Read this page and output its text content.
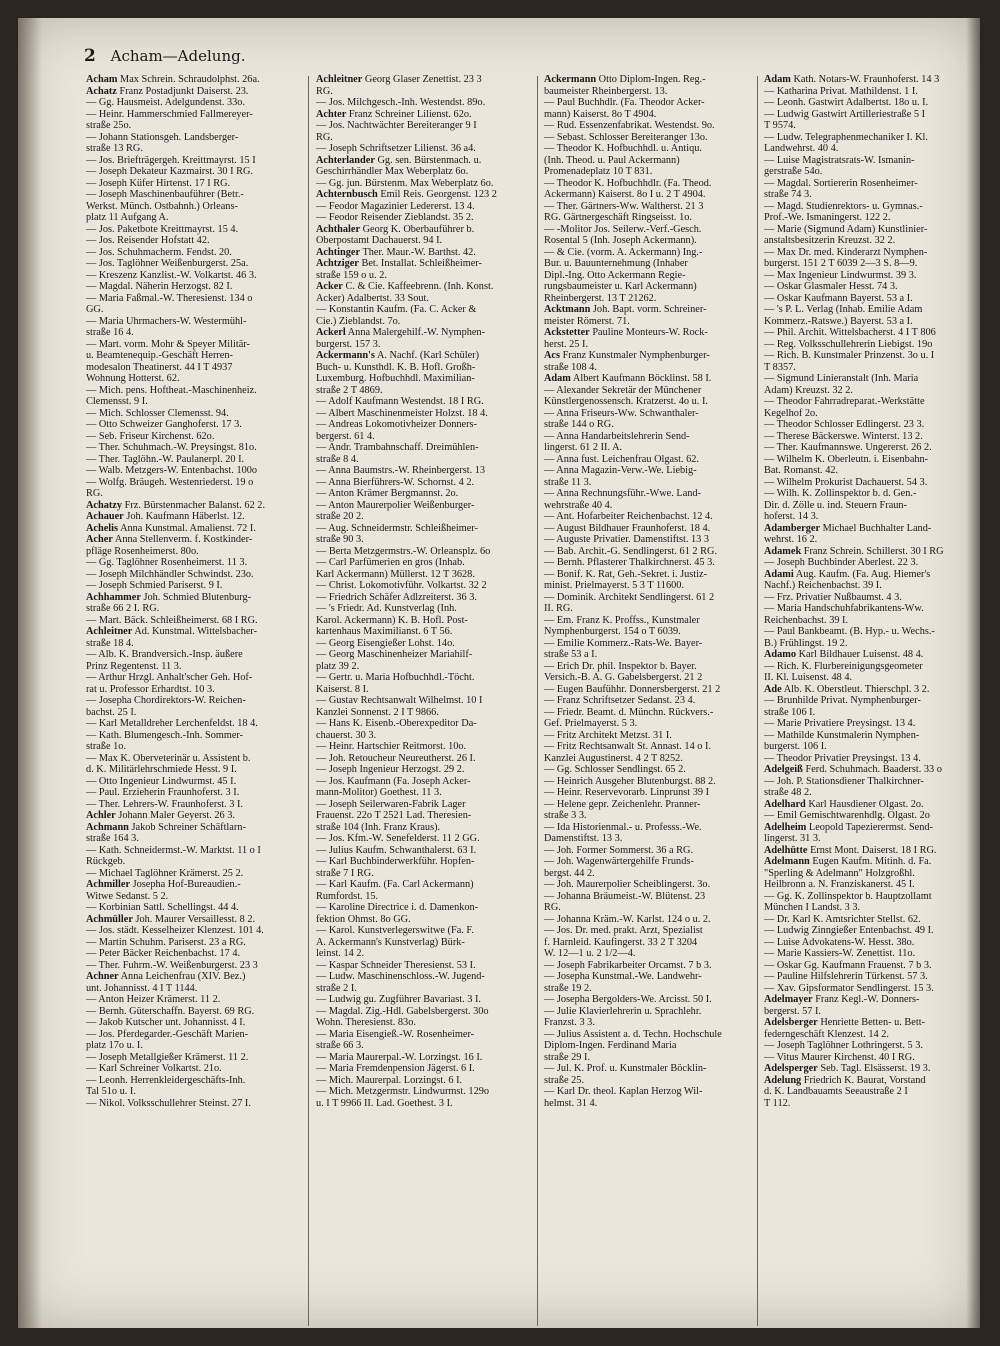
2 Acham—Adelung.

Acham Max Schrein. Schraudolphst. 26a.

Achatz Franz Postadjunkt Daiserst. 23.

— Gg. Hausmeist. Adelgundenst. 33o.

— Heinr. Hammerschmied Fallmereyer-

straße 25o.

— Johann Stationsgeh. Landsberger-

straße 13 RG.

— Jos. Briefträgergeh. Kreittmayrst. 15 I

— Joseph Dekateur Kazmairst. 30 I RG.

— Joseph Küfer Hirtenst. 17 I RG.

— Joseph Maschinenbauführer (Betr.-

Werkst. Münch. Ostbahnh.) Orleans-

platz 11 Aufgang A.

— Jos. Paketbote Kreittmayrst. 15 4.

— Jos. Reisender Hofstatt 42.

— Jos. Schuhmacherm. Fendst. 20.

— Jos. Taglöhner Weißenburgerst. 25a.

— Kreszenz Kanzlist.-W. Volkartst. 46 3.

— Magdal. Näherin Herzogst. 82 I.

— Maria Faßmal.-W. Theresienst. 134 o

GG.

— Maria Uhrmachers-W. Westermühl-

straße 16 4.

— Mart. vorm. Mohr & Speyer Militär-

u. Beamtenequip.-Geschäft Herren-

modesalon Theatinerst. 44 I T 4937

Wohnung Hotterst. 62.

— Mich. pens. Hoftheat.-Maschinenheiz.

Clemensst. 9 I.

— Mich. Schlosser Clemensst. 94.

— Otto Schweizer Ganghoferst. 17 3.

— Seb. Friseur Kirchenst. 62o.

— Ther. Schuhmach.-W. Preysingst. 81o.

— Ther. Taglöhn.-W. Paulanerpl. 20 I.

— Walb. Metzgers-W. Entenbachst. 100o

— Wolfg. Bräugeh. Westenriederst. 19 o

RG.

Achatzy Frz. Bürstenmacher Balanst. 62 2.

Achauer Joh. Kaufmann Häberlst. 12.

Achelis Anna Kunstmal. Amalienst. 72 I.

Acher Anna Stellenverm. f. Kostkinder-

pfläge Rosenheimerst. 80o.

— Gg. Taglöhner Rosenheimerst. 11 3.

— Joseph Milchhändler Schwindst. 23o.

— Joseph Schmied Pariserst. 9 I.

Achhammer Joh. Schmied Blutenburg-

straße 66 2 I. RG.

— Mart. Bäck. Schleißheimerst. 68 I RG.

Achleitner Ad. Kunstmal. Wittelsbacher-

straße 18 4.

— Alb. K. Brandversich.-Insp. äußere

Prinz Regentenst. 11 3.

— Arthur Hrzgl. Anhalt'scher Geh. Hof-

rat u. Professor Erhardtst. 10 3.

— Josepha Chordirektors-W. Reichen-

bachst. 25 I.

— Karl Metalldreher Lerchenfeldst. 18 4.

— Kath. Blumengesch.-Inh. Sommer-

straße 1o.

— Max K. Oberveterinär u. Assistent b.

d. K. Militärlehrschmiede Hesst. 9 I.

— Otto Ingenieur Lindwurmst. 45 I.

— Paul. Erzieherin Fraunhoferst. 3 I.

— Ther. Lehrers-W. Fraunhoferst. 3 I.

Achler Johann Maler Geyerst. 26 3.

Achmann Jakob Schreiner Schäftlarn-

straße 164 3.

— Kath. Schneidermst.-W. Marktst. 11 o I

Rückgeb.

— Michael Taglöhner Krämerst. 25 2.

Achmiller Josepha Hof-Bureaudien.-

Witwe Sedanst. 5 2.

— Korbinian Sattl. Schellingst. 44 4.

Achmüller Joh. Maurer Versaillesst. 8 2.

— Jos. städt. Kesselheizer Klenzest. 101 4.

— Martin Schuhm. Pariserst. 23 a RG.

— Peter Bäcker Reichenbachst. 17 4.

— Ther. Fuhrm.-W. Weißenburgerst. 23 3

Achner Anna Leichenfrau (XIV. Bez.)

unt. Johannisst. 4 I T 1144.

— Anton Heizer Krämerst. 11 2.

— Bernh. Güterschaffn. Bayerst. 69 RG.

— Jakob Kutscher unt. Johannisst. 4 I.

— Jos. Pferdegarder.-Geschäft Marien-

platz 17o u. I.

— Joseph Metallgießer Krämerst. 11 2.

— Karl Schreiner Volkartst. 21o.

— Leonh. Herrenkleidergeschäfts-Inh.

Tal 51o u. I.

— Nikol. Volksschullehrer Steinst. 27 I.

Achleitner Georg Glaser Zenettist. 23 3

RG.

— Jos. Milchgesch.-Inh. Westendst. 89o.

Achter Franz Schreiner Lilienst. 62o.

— Jos. Nachtwächter Bereiteranger 9 I

RG.

— Joseph Schriftsetzer Lilienst. 36 a4.

Achterlander Gg. sen. Bürstenmach. u.

Geschirrhändler Max Weberplatz 6o.

— Gg. jun. Bürstenm. Max Weberplatz 6o.

Achternbusch Emil Reis. Georgenst. 123 2

— Feodor Magazinier Ledererst. 13 4.

— Feodor Reisender Zieblandst. 35 2.

Achthaler Georg K. Oberbauführer b.

Oberpostamt Dachauerst. 94 I.

Achtinger Ther. Maur.-W. Barthst. 42.

Achtziger Bet. Installat. Schleißheimer-

straße 159 o u. 2.

Acker C. & Cie. Kaffeebrenn. (Inh. Konst.

Acker) Adalbertst. 33 Sout.

— Konstantin Kaufm. (Fa. C. Acker &

Cie.) Zieblandst. 7o.

Ackerl Anna Malergehilf.-W. Nymphen-

burgerst. 157 3.

Ackermann's A. Nachf. (Karl Schüler)

Buch- u. Kunsthdl. K. B. Hofl. Großh-

Luxemburg. Hofbuchhdl. Maximilian-

straße 2 T 4869.

— Adolf Kaufmann Westendst. 18 I RG.

— Albert Maschinenmeister Holzst. 18 4.

— Andreas Lokomotivheizer Donners-

bergerst. 61 4.

— Andr. Trambahnschaff. Dreimühlen-

straße 8 4.

— Anna Baumstrs.-W. Rheinbergerst. 13

— Anna Bierführers-W. Schornst. 4 2.

— Anton Krämer Bergmannst. 2o.

— Anton Maurerpolier Weißenburger-

straße 20 2.

— Aug. Schneidermstr. Schleißheimer-

straße 90 3.

— Berta Metzgermstrs.-W. Orleansplz. 6o

— Carl Parfümerien en gros (Inhab.

Karl Ackermann) Müllerst. 12 T 3628.

— Christ. Lokomotivführ. Volkartst. 32 2

— Friedrich Schäfer Adlzreiterst. 36 3.

— 's Friedr. Ad. Kunstverlag (Inh.

Karol. Ackermann) K. B. Hofl. Post-

kartenhaus Maximilianst. 6 T 56.

— Georg Eisengießer Lohst. 14o.

— Georg Maschinenheizer Mariahilf-

platz 39 2.

— Gertr. u. Maria Hofbuchhdl.-Töcht.

Kaiserst. 8 I.

— Gustav Rechtsanwalt Wilhelmst. 10 I

Kanzlei Sonnenst. 2 I T 9866.

— Hans K. Eisenb.-Oberexpeditor Da-

chauerst. 30 3.

— Heinr. Hartschier Reitmorst. 10o.

— Joh. Retoucheur Neureutherst. 26 I.

— Joseph Ingenieur Herzogst. 29 2.

— Jos. Kaufmann (Fa. Joseph Acker-

mann-Molitor) Goethest. 11 3.

— Joseph Seilerwaren-Fabrik Lager

Frauenst. 22o T 2521 Lad. Theresien-

straße 104 (Inh. Franz Kraus).

— Jos. Kfm.-W. Senefelderst. 11 2 GG.

— Julius Kaufm. Schwanthalerst. 63 I.

— Karl Buchbinderwerkführ. Hopfen-

straße 7 I RG.

— Karl Kaufm. (Fa. Carl Ackermann)

Rumfordst. 15.

— Karoline Directrice i. d. Damenkon-

fektion Ohmst. 8o GG.

— Karol. Kunstverlegerswitwe (Fa. F.

A. Ackermann's Kunstverlag) Bürk-

leinst. 14 2.

— Kaspar Schneider Theresienst. 53 I.

— Ludw. Maschinenschloss.-W. Jugend-

straße 2 I.

— Ludwig gu. Zugführer Bavariast. 3 I.

— Magdal. Zig.-Hdl. Gabelsbergerst. 30o

Wohn. Theresienst. 83o.

— Maria Eisengieß.-W. Rosenheimer-

straße 66 3.

— Maria Maurerpal.-W. Lorzingst. 16 I.

— Maria Fremdenpension Jägerst. 6 I.

— Mich. Maurerpal. Lorzingst. 6 I.

— Mich. Metzgermstr. Lindwurmst. 129o

u. I T 9966 II. Lad. Goethest. 3 I.

Ackermann Otto Diplom-Ingen. Reg.-

baumeister Rheinbergerst. 13.

— Paul Buchhdlr. (Fa. Theodor Acker-

mann) Kaiserst. 8o T 4904.

— Rud. Essenzenfabrikat. Westendst. 9o.

— Sebast. Schlosser Bereiteranger 13o.

— Theodor K. Hofbuchhdl. u. Antiqu.

(Inh. Theod. u. Paul Ackermann)

Promenadeplatz 10 T 831.

— Theodor K. Hofbuchhdlr. (Fa. Theod.

Ackermann) Kaiserst. 8o I u. 2 T 4904.

— Ther. Gärtners-Ww. Waltherst. 21 3

RG. Gärtnergeschäft Ringseisst. 1o.

— -Molitor Jos. Seilerw.-Verf.-Gesch.

Rosental 5 (Inh. Joseph Ackermann).

— & Cie. (vorm. A. Ackermann) Ing.-

Bur. u. Bauunternehmung (Inhaber

Dipl.-Ing. Otto Ackermann Regie-

rungsbaumeister u. Karl Ackermann)

Rheinbergerst. 13 T 21262.

Acktmann Joh. Bapt. vorm. Schreiner-

meister Römerst. 71.

Ackstetter Pauline Monteurs-W. Rock-

herst. 25 I.

Acs Franz Kunstmaler Nymphenburger-

straße 108 4.

Adam Albert Kaufmann Böcklinst. 58 I.

— Alexander Sekretär der Münchener

Künstlergenossensch. Kratzerst. 4o u. I.

— Anna Friseurs-Ww. Schwanthaler-

straße 144 o RG.

— Anna Handarbeitslehrerin Send-

lingerst. 61 2 II. A.

— Anna fust. Leichenfrau Olgast. 62.

— Anna Magazin-Verw.-We. Liebig-

straße 11 3.

— Anna Rechnungsführ.-Wwe. Land-

wehrstraße 40 4.

— Ant. Hofarbeiter Reichenbachst. 12 4.

— August Bildhauer Fraunhoferst. 18 4.

— Auguste Privatier. Damenstiftst. 13 3

— Bab. Archit.-G. Sendlingerst. 61 2 RG.

— Bernh. Pflasterer Thalkirchnerst. 45 3.

— Bonif. K. Rat, Geh.-Sekret. i. Justiz-

minist. Prielmayerst. 5 3 T 11600.

— Dominik. Architekt Sendlingerst. 61 2

II. RG.

— Em. Franz K. Proffss., Kunstmaler

Nymphenburgerst. 154 o T 6039.

— Emilie Kommerz.-Rats-We. Bayer-

straße 53 a I.

— Erich Dr. phil. Inspektor b. Bayer.

Versich.-B. A. G. Gabelsbergerst. 21 2

— Eugen Baufühhr. Donnersbergerst. 21 2

— Franz Schriftsetzer Sedanst. 23 4.

— Friedr. Beamt. d. Münchn. Rückvers.-

Gef. Prielmayerst. 5 3.

— Fritz Architekt Metzst. 31 I.

— Fritz Rechtsanwalt St. Annast. 14 o I.

Kanzlei Augustinerst. 4 2 T 8252.

— Gg. Schlosser Sendlingst. 65 2.

— Heinrich Ausgeher Blutenburgst. 88 2.

— Heinr. Reservevorarb. Linprunst 39 I

— Helene gepr. Zeichenlehr. Pranner-

straße 3 3.

— Ida Historienmal.- u. Professs.-We.

Damenstiftst. 13 3.

— Joh. Former Sommerst. 36 a RG.

— Joh. Wagenwärtergehilfe Frunds-

bergst. 44 2.

— Joh. Maurerpolier Scheiblingerst. 3o.

— Johanna Bräumeist.-W. Blütenst. 23

RG.

— Johanna Kräm.-W. Karlst. 124 o u. 2.

— Jos. Dr. med. prakt. Arzt, Spezialist

f. Harnleid. Kaufingerst. 33 2 T 3204

W. 12—1 u. 2 1/2—4.

— Joseph Fabrikarbeiter Orcamst. 7 b 3.

— Josepha Kunstmal.-We. Landwehr-

straße 19 2.

— Josepha Bergolders-We. Arcisst. 50 I.

— Julie Klavierlehrerin u. Sprachlehr.

Franzst. 3 3.

— Julius Assistent a. d. Techn. Hochschule

Diplom-Ingen. Ferdinand Maria

straße 29 I.

— Jul. K. Prof. u. Kunstmaler Böcklin-

straße 25.

— Karl Dr. theol. Kaplan Herzog Wil-

helmst. 31 4.

Adam Kath. Notars-W. Fraunhoferst. 14 3

— Katharina Privat. Mathildenst. 1 I.

— Leonh. Gastwirt Adalbertst. 18o u. I.

— Ludwig Gastwirt Artilleriestraße 5 I

T 9574.

— Ludw. Telegraphenmechaniker I. Kl.

Landwehrst. 40 4.

— Luise Magistratsrats-W. Ismanin-

gerstraße 54o.

— Magdal. Sortiererin Rosenheimer-

straße 74 3.

— Magd. Studienrektors- u. Gymnas.-

Prof.-We. Ismaningerst. 122 2.

— Marie (Sigmund Adam) Kunstlinier-

anstaltsbesitzerin Kreuzst. 32 2.

— Max Dr. med. Kinderarzt Nymphen-

burgerst. 151 2 T 6039 2—3 S. 8—9.

— Max Ingenieur Lindwurmst. 39 3.

— Oskar Glasmaler Hesst. 74 3.

— Oskar Kaufmann Bayerst. 53 a I.

— 's P. L. Verlag (Inhab. Emilie Adam

Kommerz.-Ratswe.) Bayerst. 53 a I.

— Phil. Archit. Wittelsbacherst. 4 I T 806

— Reg. Volksschullehrerin Liebigst. 19o

— Rich. B. Kunstmaler Prinzenst. 3o u. I

T 8357.

— Sigmund Linieranstalt (Inh. Maria

Adam) Kreuzst. 32 2.

— Theodor Fahrradreparat.-Werkstätte

Kegelhof 2o.

— Theodor Schlosser Edlingerst. 23 3.

— Therese Bäckerswe. Winterst. 13 2.

— Ther. Kaufmannswe. Ungererst. 26 2.

— Wilhelm K. Oberleutn. i. Eisenbahn-

Bat. Romanst. 42.

— Wilhelm Prokurist Dachauerst. 54 3.

— Wilh. K. Zollinspektor b. d. Gen.-

Dir. d. Zölle u. ind. Steuern Fraun-

hoferst. 14 3.

Adamberger Michael Buchhalter Land-

wehrst. 16 2.

Adamek Franz Schrein. Schillerst. 30 I RG

— Joseph Buchbinder Aberlest. 22 3.

Adami Aug. Kaufm. (Fa. Aug. Hiemer's

Nachf.) Reichenbachst. 39 I.

— Frz. Privatier Nußbaumst. 4 3.

— Maria Handschuhfabrikantens-Ww.

Reichenbachst. 39 I.

— Paul Bankbeamt. (B. Hyp.- u. Wechs.-

B.) Frühlingst. 19 2.

Adamo Karl Bildhauer Luisenst. 48 4.

— Rich. K. Flurbereinigungsgeometer

II. Kl. Luisenst. 48 4.

Ade Alb. K. Oberstleut. Thierschpl. 3 2.

— Brunhilde Privat. Nymphenburger-

straße 106 I.

— Marie Privatiere Preysingst. 13 4.

— Mathilde Kunstmalerin Nymphen-

burgerst. 106 I.

— Theodor Privatier Preysingst. 13 4.

Adelgeiß Ferd. Schuhmach. Baaderst. 33 o

— Joh. P. Stationsdiener Thalkirchner-

straße 48 2.

Adelhard Karl Hausdiener Olgast. 2o.

— Emil Gemischtwarenhdlg. Olgast. 2o

Adelheim Leopold Tapezierermst. Send-

lingerst. 31 3.

Adelhütte Ernst Mont. Daiserst. 18 I RG.

Adelmann Eugen Kaufm. Mitinh. d. Fa.

"Sperling & Adelmann" Holzgroßhl.

Heilbronn a. N. Franziskanerst. 45 I.

— Gg. K. Zollinspektor b. Hauptzollamt

München I Landst. 3 3.

— Dr. Karl K. Amtsrichter Stellst. 62.

— Ludwig Zinngießer Entenbachst. 49 I.

— Luise Advokatens-W. Hesst. 38o.

— Marie Kassiers-W. Zenettist. 11o.

— Oskar Gg. Kaufmann Frauenst. 7 b 3.

— Pauline Hilfslehrerin Türkenst. 57 3.

— Xav. Gipsformator Sendlingerst. 15 3.

Adelmayer Franz Kegl.-W. Donners-

bergerst. 57 I.

Adelsberger Henriette Betten- u. Bett-

federngeschäft Klenzest. 14 2.

— Joseph Taglöhner Lothringerst. 5 3.

— Vitus Maurer Kirchenst. 40 I RG.

Adelsperger Seb. Tagl. Elsässerst. 19 3.

Adelung Friedrich K. Baurat, Vorstand

d. K. Landbauamts Seeaustraße 2 I

T 112.
